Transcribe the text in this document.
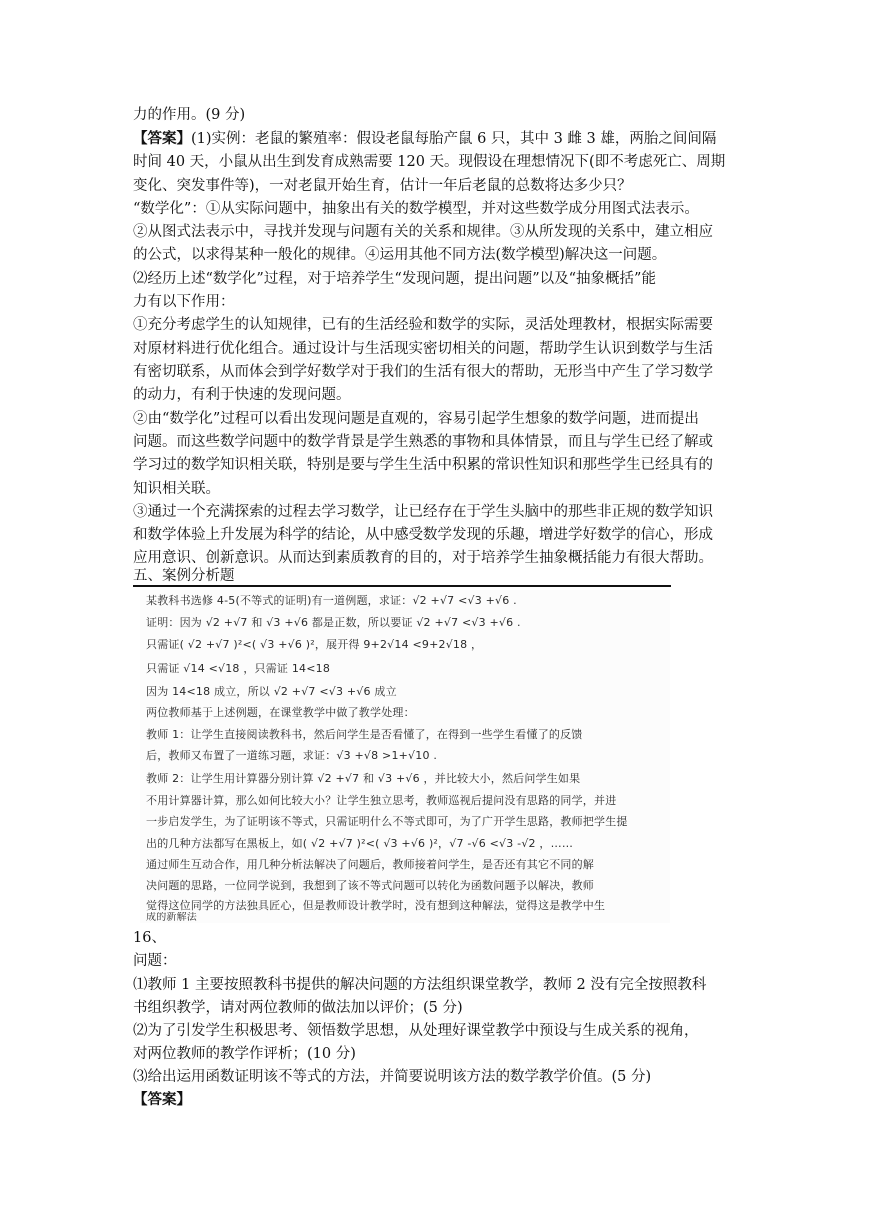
力的作用。(9 分)
【答案】(1)实例：老鼠的繁殖率：假设老鼠每胎产鼠 6 只，其中 3 雌 3 雄，两胎之间间隔
时间 40 天，小鼠从出生到发育成熟需要 120 天。现假设在理想情况下(即不考虑死亡、周期
变化、突发事件等)，一对老鼠开始生育，估计一年后老鼠的总数将达多少只？
“数学化”：①从实际问题中，抽象出有关的数学模型，并对这些数学成分用图式法表示。
②从图式法表示中，寻找并发现与问题有关的关系和规律。③从所发现的关系中，建立相应
的公式，以求得某种一般化的规律。④运用其他不同方法(数学模型)解决这一问题。
⑵经历上述“数学化”过程，对于培养学生“发现问题，提出问题”以及“抽象概括”能
力有以下作用：
①充分考虑学生的认知规律，已有的生活经验和数学的实际，灵活处理教材，根据实际需要
对原材料进行优化组合。通过设计与生活现实密切相关的问题，帮助学生认识到数学与生活
有密切联系，从而体会到学好数学对于我们的生活有很大的帮助，无形当中产生了学习数学
的动力，有利于快速的发现问题。
②由“数学化”过程可以看出发现问题是直观的，容易引起学生想象的数学问题，进而提出
问题。而这些数学问题中的数学背景是学生熟悉的事物和具体情景，而且与学生已经了解或
学习过的数学知识相关联，特别是要与学生生活中积累的常识性知识和那些学生已经具有的
知识相关联。
③通过一个充满探索的过程去学习数学，让已经存在于学生头脑中的那些非正规的数学知识
和数学体验上升发展为科学的结论，从中感受数学发现的乐趣，增进学好数学的信心，形成
应用意识、创新意识。从而达到素质教育的目的，对于培养学生抽象概括能力有很大帮助。
五、案例分析题
某教科书选修 4-5(不等式的证明)有一道例题，求证：√2 +√7 <√3 +√6 .
证明：因为 √2 +√7 和 √3 +√6 都是正数，所以要证 √2 +√7 <√3 +√6 .
只需证( √2 +√7 )²<( √3 +√6 )²，展开得 9+2√14 <9+2√18 ，
只需证 √14 <√18 ，只需证 14<18
因为 14<18 成立，所以 √2 +√7 <√3 +√6 成立
两位教师基于上述例题，在课堂教学中做了教学处理：
教师 1：让学生直接阅读教科书，然后问学生是否看懂了，在得到一些学生看懂了的反馈
后，教师又布置了一道练习题，求证：√3 +√8 >1+√10 .
教师 2：让学生用计算器分别计算 √2 +√7 和 √3 +√6 ，并比较大小，然后问学生如果
不用计算器计算，那么如何比较大小？让学生独立思考，教师巡视后提问没有思路的同学，并进
一步启发学生，为了证明该不等式，只需证明什么不等式即可，为了广开学生思路，教师把学生提
出的几种方法都写在黑板上，如( √2 +√7 )²<( √3 +√6 )²，√7 -√6 <√3 -√2 ，……
通过师生互动合作，用几种分析法解决了问题后，教师接着问学生，是否还有其它不同的解
决问题的思路，一位同学说到，我想到了该不等式问题可以转化为函数问题予以解决，教师
觉得这位同学的方法独具匠心，但是教师设计教学时，没有想到这种解法，觉得这是教学中生
成的新解法
16、
问题：
⑴教师 1 主要按照教科书提供的解决问题的方法组织课堂教学，教师 2 没有完全按照教科
书组织教学，请对两位教师的做法加以评价；(5 分)
⑵为了引发学生积极思考、领悟数学思想，从处理好课堂教学中预设与生成关系的视角，
对两位教师的教学作评析；(10 分)
⑶给出运用函数证明该不等式的方法，并简要说明该方法的数学教学价值。(5 分)
【答案】
